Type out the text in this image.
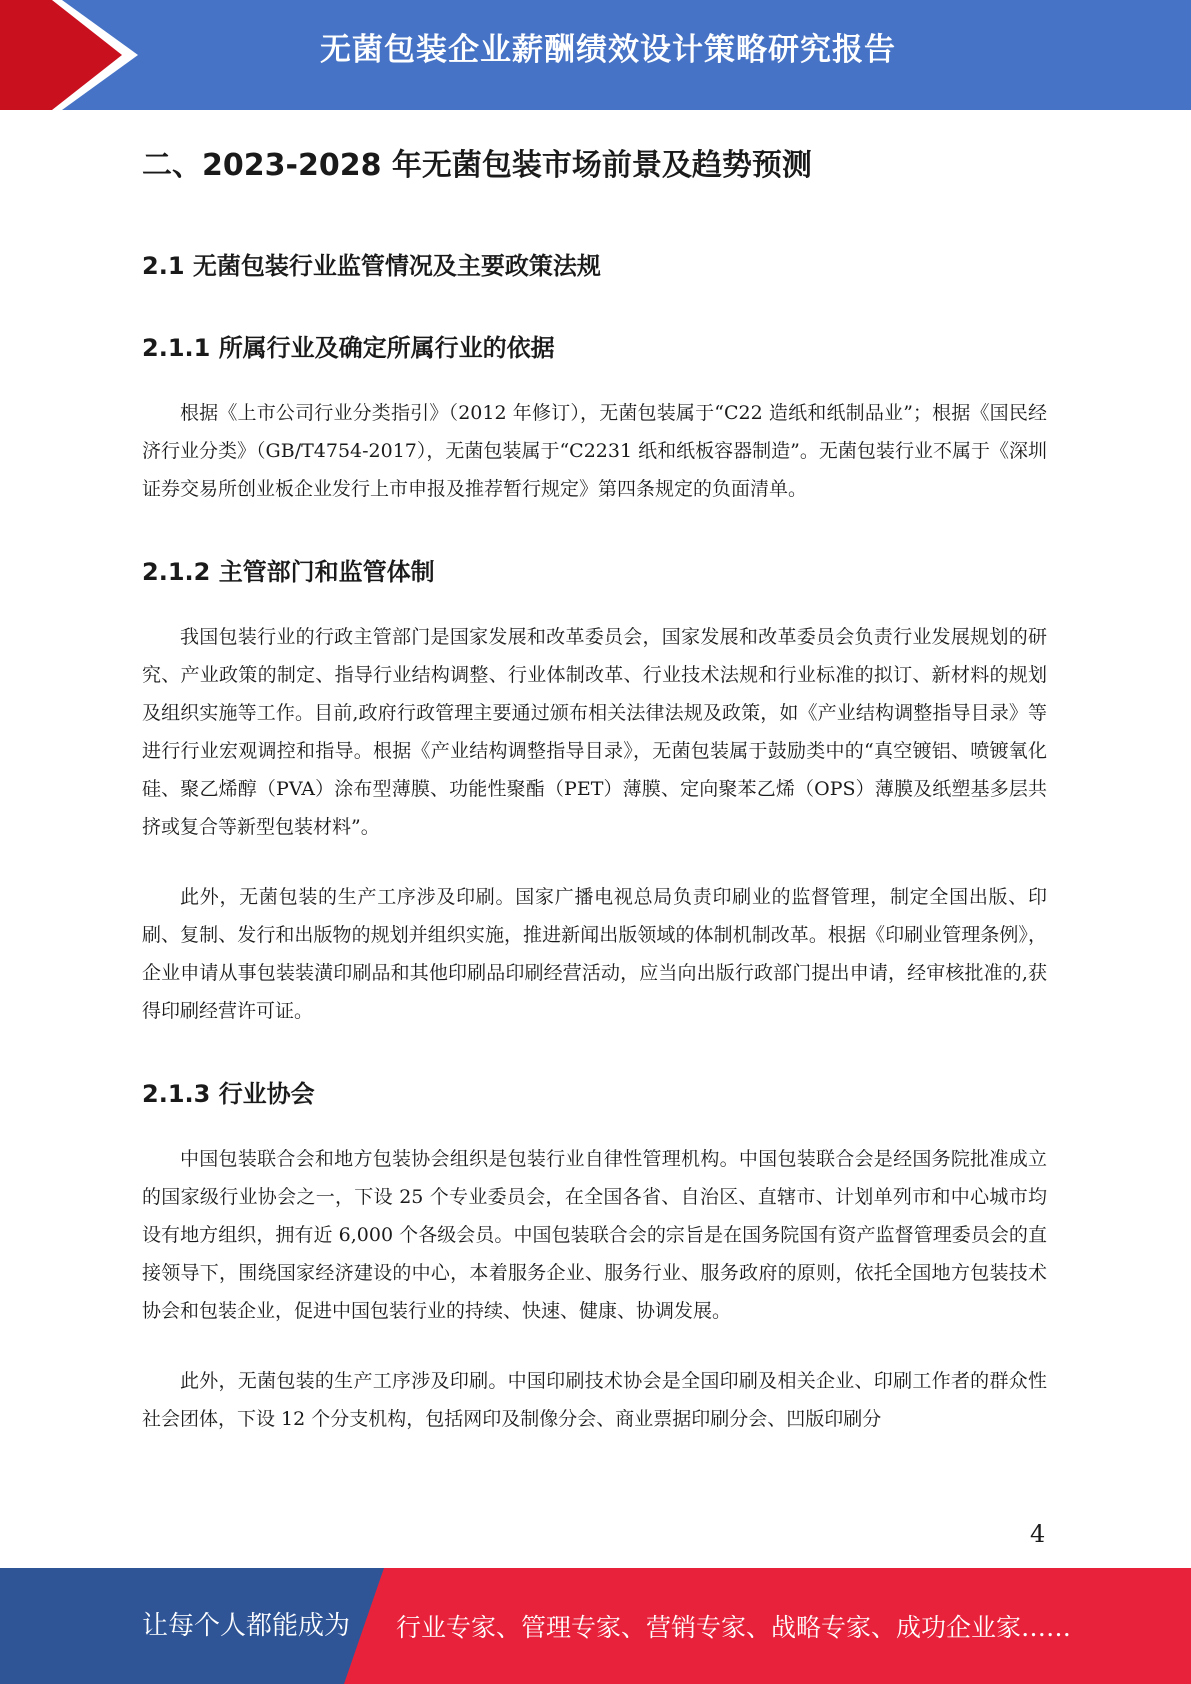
无菌包装企业薪酬绩效设计策略研究报告
二、2023-2028 年无菌包装市场前景及趋势预测
2.1 无菌包装行业监管情况及主要政策法规
2.1.1 所属行业及确定所属行业的依据

根据《上市公司行业分类指引》（2012 年修订），无菌包装属于“C22 造纸和纸制品业”；根据《国民经济行业分类》（GB/T4754-2017），无菌包装属于“C2231 纸和纸板容器制造”。无菌包装行业不属于《深圳证券交易所创业板企业发行上市申报及推荐暂行规定》第四条规定的负面清单。

2.1.2 主管部门和监管体制

我国包装行业的行政主管部门是国家发展和改革委员会，国家发展和改革委员会负责行业发展规划的研究、产业政策的制定、指导行业结构调整、行业体制改革、行业技术法规和行业标准的拟订、新材料的规划及组织实施等工作。目前,政府行政管理主要通过颁布相关法律法规及政策，如《产业结构调整指导目录》等进行行业宏观调控和指导。根据《产业结构调整指导目录》，无菌包装属于鼓励类中的“真空镀铝、喷镀氧化硅、聚乙烯醇（PVA）涂布型薄膜、功能性聚酯（PET）薄膜、定向聚苯乙烯（OPS）薄膜及纸塑基多层共挤或复合等新型包装材料”。

此外，无菌包装的生产工序涉及印刷。国家广播电视总局负责印刷业的监督管理，制定全国出版、印刷、复制、发行和出版物的规划并组织实施，推进新闻出版领域的体制机制改革。根据《印刷业管理条例》，企业申请从事包装装潢印刷品和其他印刷品印刷经营活动，应当向出版行政部门提出申请，经审核批准的,获得印刷经营许可证。

2.1.3 行业协会

中国包装联合会和地方包装协会组织是包装行业自律性管理机构。中国包装联合会是经国务院批准成立的国家级行业协会之一，下设 25 个专业委员会，在全国各省、自治区、直辖市、计划单列市和中心城市均设有地方组织，拥有近 6,000 个各级会员。中国包装联合会的宗旨是在国务院国有资产监督管理委员会的直接领导下，围绕国家经济建设的中心，本着服务企业、服务行业、服务政府的原则，依托全国地方包装技术协会和包装企业，促进中国包装行业的持续、快速、健康、协调发展。

此外，无菌包装的生产工序涉及印刷。中国印刷技术协会是全国印刷及相关企业、印刷工作者的群众性社会团体，下设 12 个分支机构，包括网印及制像分会、商业票据印刷分会、凹版印刷分

4
让每个人都能成为 行业专家、管理专家、营销专家、战略专家、成功企业家……
